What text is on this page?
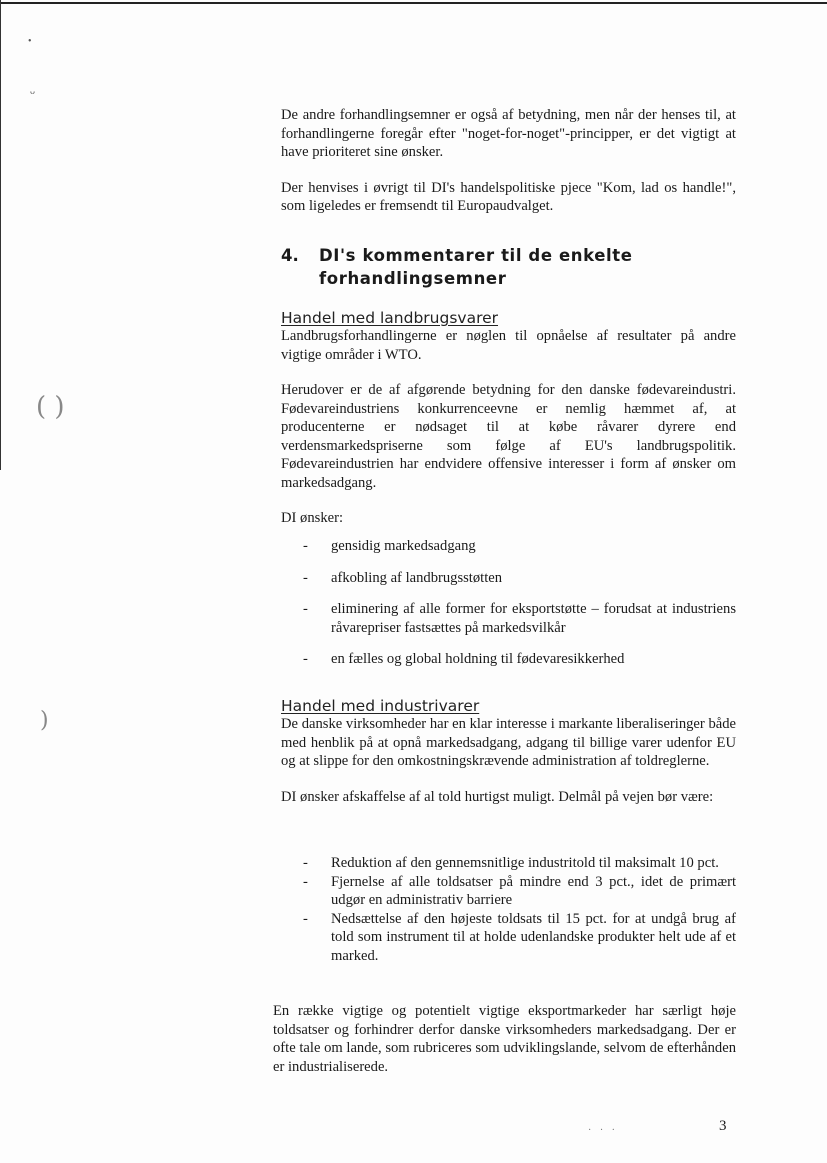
•
ᴗ
( )
)

De andre forhandlingsemner er også af betydning, men når der henses til, at forhandlingerne foregår efter "noget-for-noget"-principper, er det vigtigt at have prioriteret sine ønsker.

Der henvises i øvrigt til DI's handelspolitiske pjece "Kom, lad os handle!", som ligeledes er fremsendt til Europaudvalget.

4. DI's kommentarer til de enkelte forhandlingsemner
Handel med landbrugsvarer

Landbrugsforhandlingerne er nøglen til opnåelse af resultater på andre vigtige områder i WTO.

Herudover er de af afgørende betydning for den danske fødevareindustri. Fødevareindustriens konkurrenceevne er nemlig hæmmet af, at producenterne er nødsaget til at købe råvarer dyrere end verdensmarkedspriserne som følge af EU's landbrugspolitik. Fødevareindustrien har endvidere offensive interesser i form af ønsker om markedsadgang.

DI ønsker:

- gensidig markedsadgang
- afkobling af landbrugsstøtten
- eliminering af alle former for eksportstøtte – forudsat at industriens råvarepriser fastsættes på markedsvilkår
- en fælles og global holdning til fødevaresikkerhed
Handel med industrivarer

De danske virksomheder har en klar interesse i markante liberaliseringer både med henblik på at opnå markedsadgang, adgang til billige varer udenfor EU og at slippe for den omkostningskrævende administration af toldreglerne.

DI ønsker afskaffelse af al told hurtigst muligt. Delmål på vejen bør være:

- Reduktion af den gennemsnitlige industritold til maksimalt 10 pct.
- Fjernelse af alle toldsatser på mindre end 3 pct., idet de primært udgør en administrativ barriere
- Nedsættelse af den højeste toldsats til 15 pct. for at undgå brug af told som instrument til at holde udenlandske produkter helt ude af et marked.

En række vigtige og potentielt vigtige eksportmarkeder har særligt høje toldsatser og forhindrer derfor danske virksomheders markedsadgang. Der er ofte tale om lande, som rubriceres som udviklingslande, selvom de efterhånden er industrialiserede.

· · ·	3
